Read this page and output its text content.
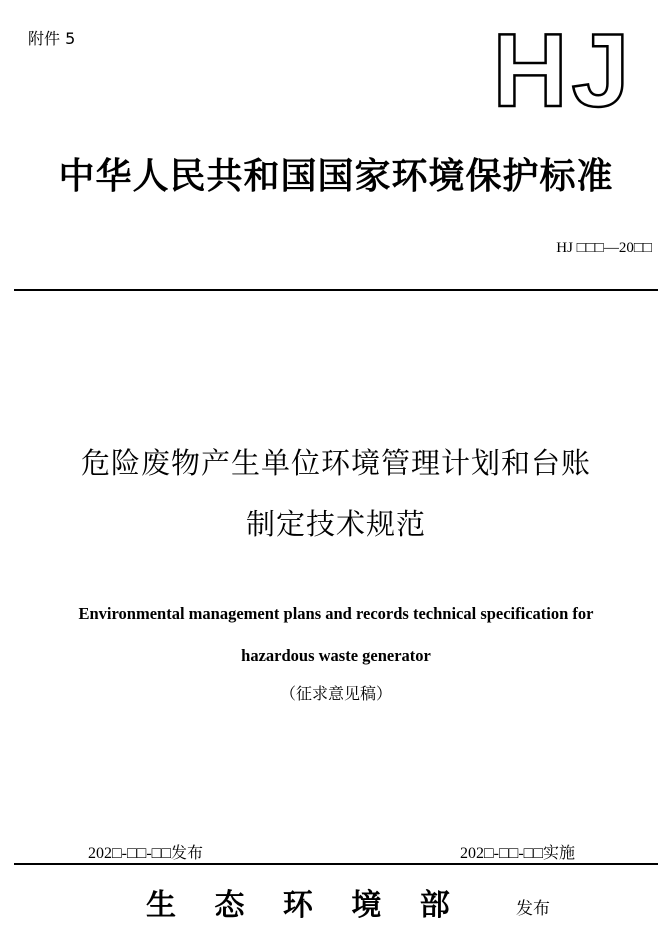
附件 5	HJ
中华人民共和国国家环境保护标准
HJ □□□—20□□
危险废物产生单位环境管理计划和台账
制定技术规范
Environmental management plans and records technical specification for
hazardous waste generator
（征求意见稿）
202□-□□-□□发布	202□-□□-□□实施
生 态 环 境 部	发布
